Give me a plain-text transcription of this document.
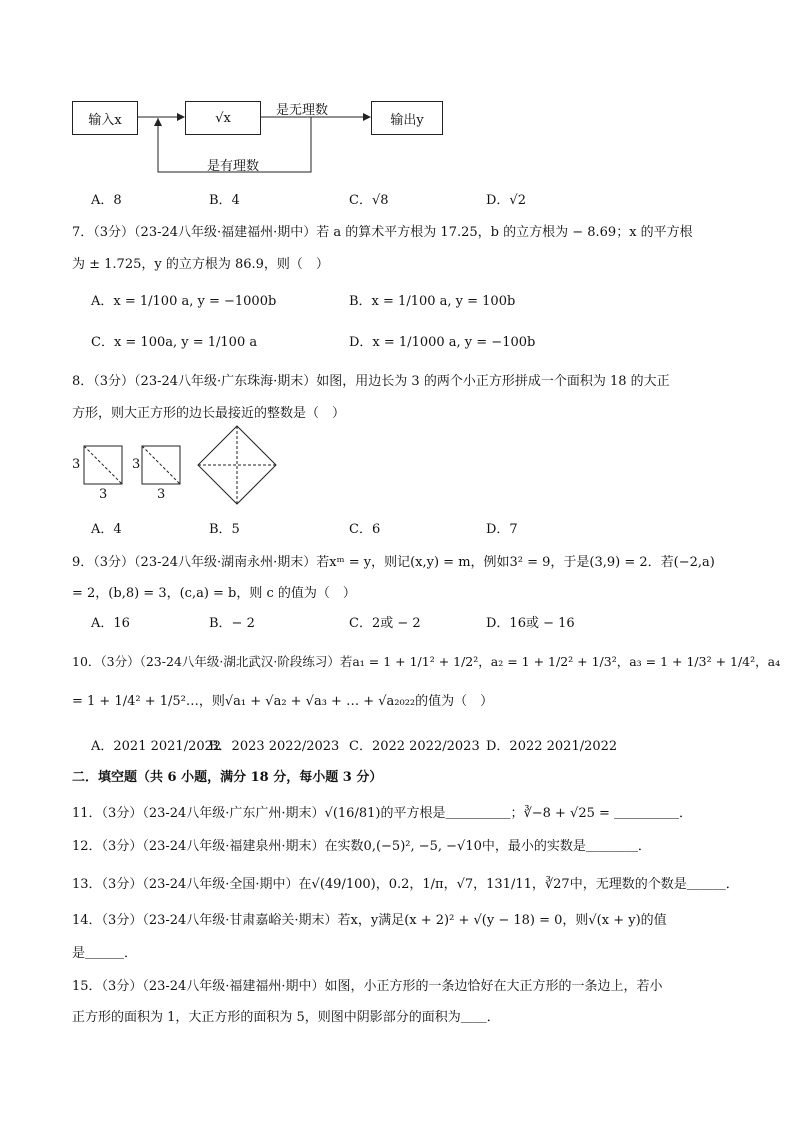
输入x	√x	输出y
是无理数
是有理数
A．8	B．4	C．√8	D．√2
7．（3分）（23-24八年级·福建福州·期中）若 a 的算术平方根为 17.25，b 的立方根为 − 8.69；x 的平方根
为 ± 1.725，y 的立方根为 86.9，则（　）
A．x = 1/100 a, y = −1000b	B．x = 1/100 a, y = 100b
C．x = 100a, y = 1/100 a	D．x = 1/1000 a, y = −100b
8．（3分）（23-24八年级·广东珠海·期末）如图，用边长为 3 的两个小正方形拼成一个面积为 18 的大正
方形，则大正方形的边长最接近的整数是（　）
3
3
3
3
A．4	B．5	C．6	D．7
9．（3分）（23-24八年级·湖南永州·期末）若xᵐ = y，则记(x,y) = m，例如3² = 9，于是(3,9) = 2．若(−2,a)
= 2，(b,8) = 3，(c,a) = b，则 c 的值为（　）
A．16	B．− 2	C．2或 − 2	D．16或 − 16
10．（3分）（23-24八年级·湖北武汉·阶段练习）若a₁ = 1 + 1/1² + 1/2²，a₂ = 1 + 1/2² + 1/3²，a₃ = 1 + 1/3² + 1/4²，a₄
= 1 + 1/4² + 1/5²…，则√a₁ + √a₂ + √a₃ + … + √a₂₀₂₂的值为（　）
A．2021 2021/2022
B．2023 2022/2023 C．2022 2022/2023 D．2022 2021/2022
二．填空题（共 6 小题，满分 18 分，每小题 3 分）
11．（3分）（23-24八年级·广东广州·期末）√(16/81)的平方根是＿＿＿＿＿；∛−8 + √25 = ＿＿＿＿＿．
12．（3分）（23-24八年级·福建泉州·期末）在实数0,(−5)², −5, −√10中，最小的实数是＿＿＿＿．
13．（3分）（23-24八年级·全国·期中）在√(49/100)，0.2，1/π，√7，131/11，∛27中，无理数的个数是＿＿＿．
14．（3分）（23-24八年级·甘肃嘉峪关·期末）若x，y满足(x + 2)² + √(y − 18) = 0，则√(x + y)的值
是＿＿＿．
15．（3分）（23-24八年级·福建福州·期中）如图，小正方形的一条边恰好在大正方形的一条边上，若小
正方形的面积为 1，大正方形的面积为 5，则图中阴影部分的面积为＿＿．
